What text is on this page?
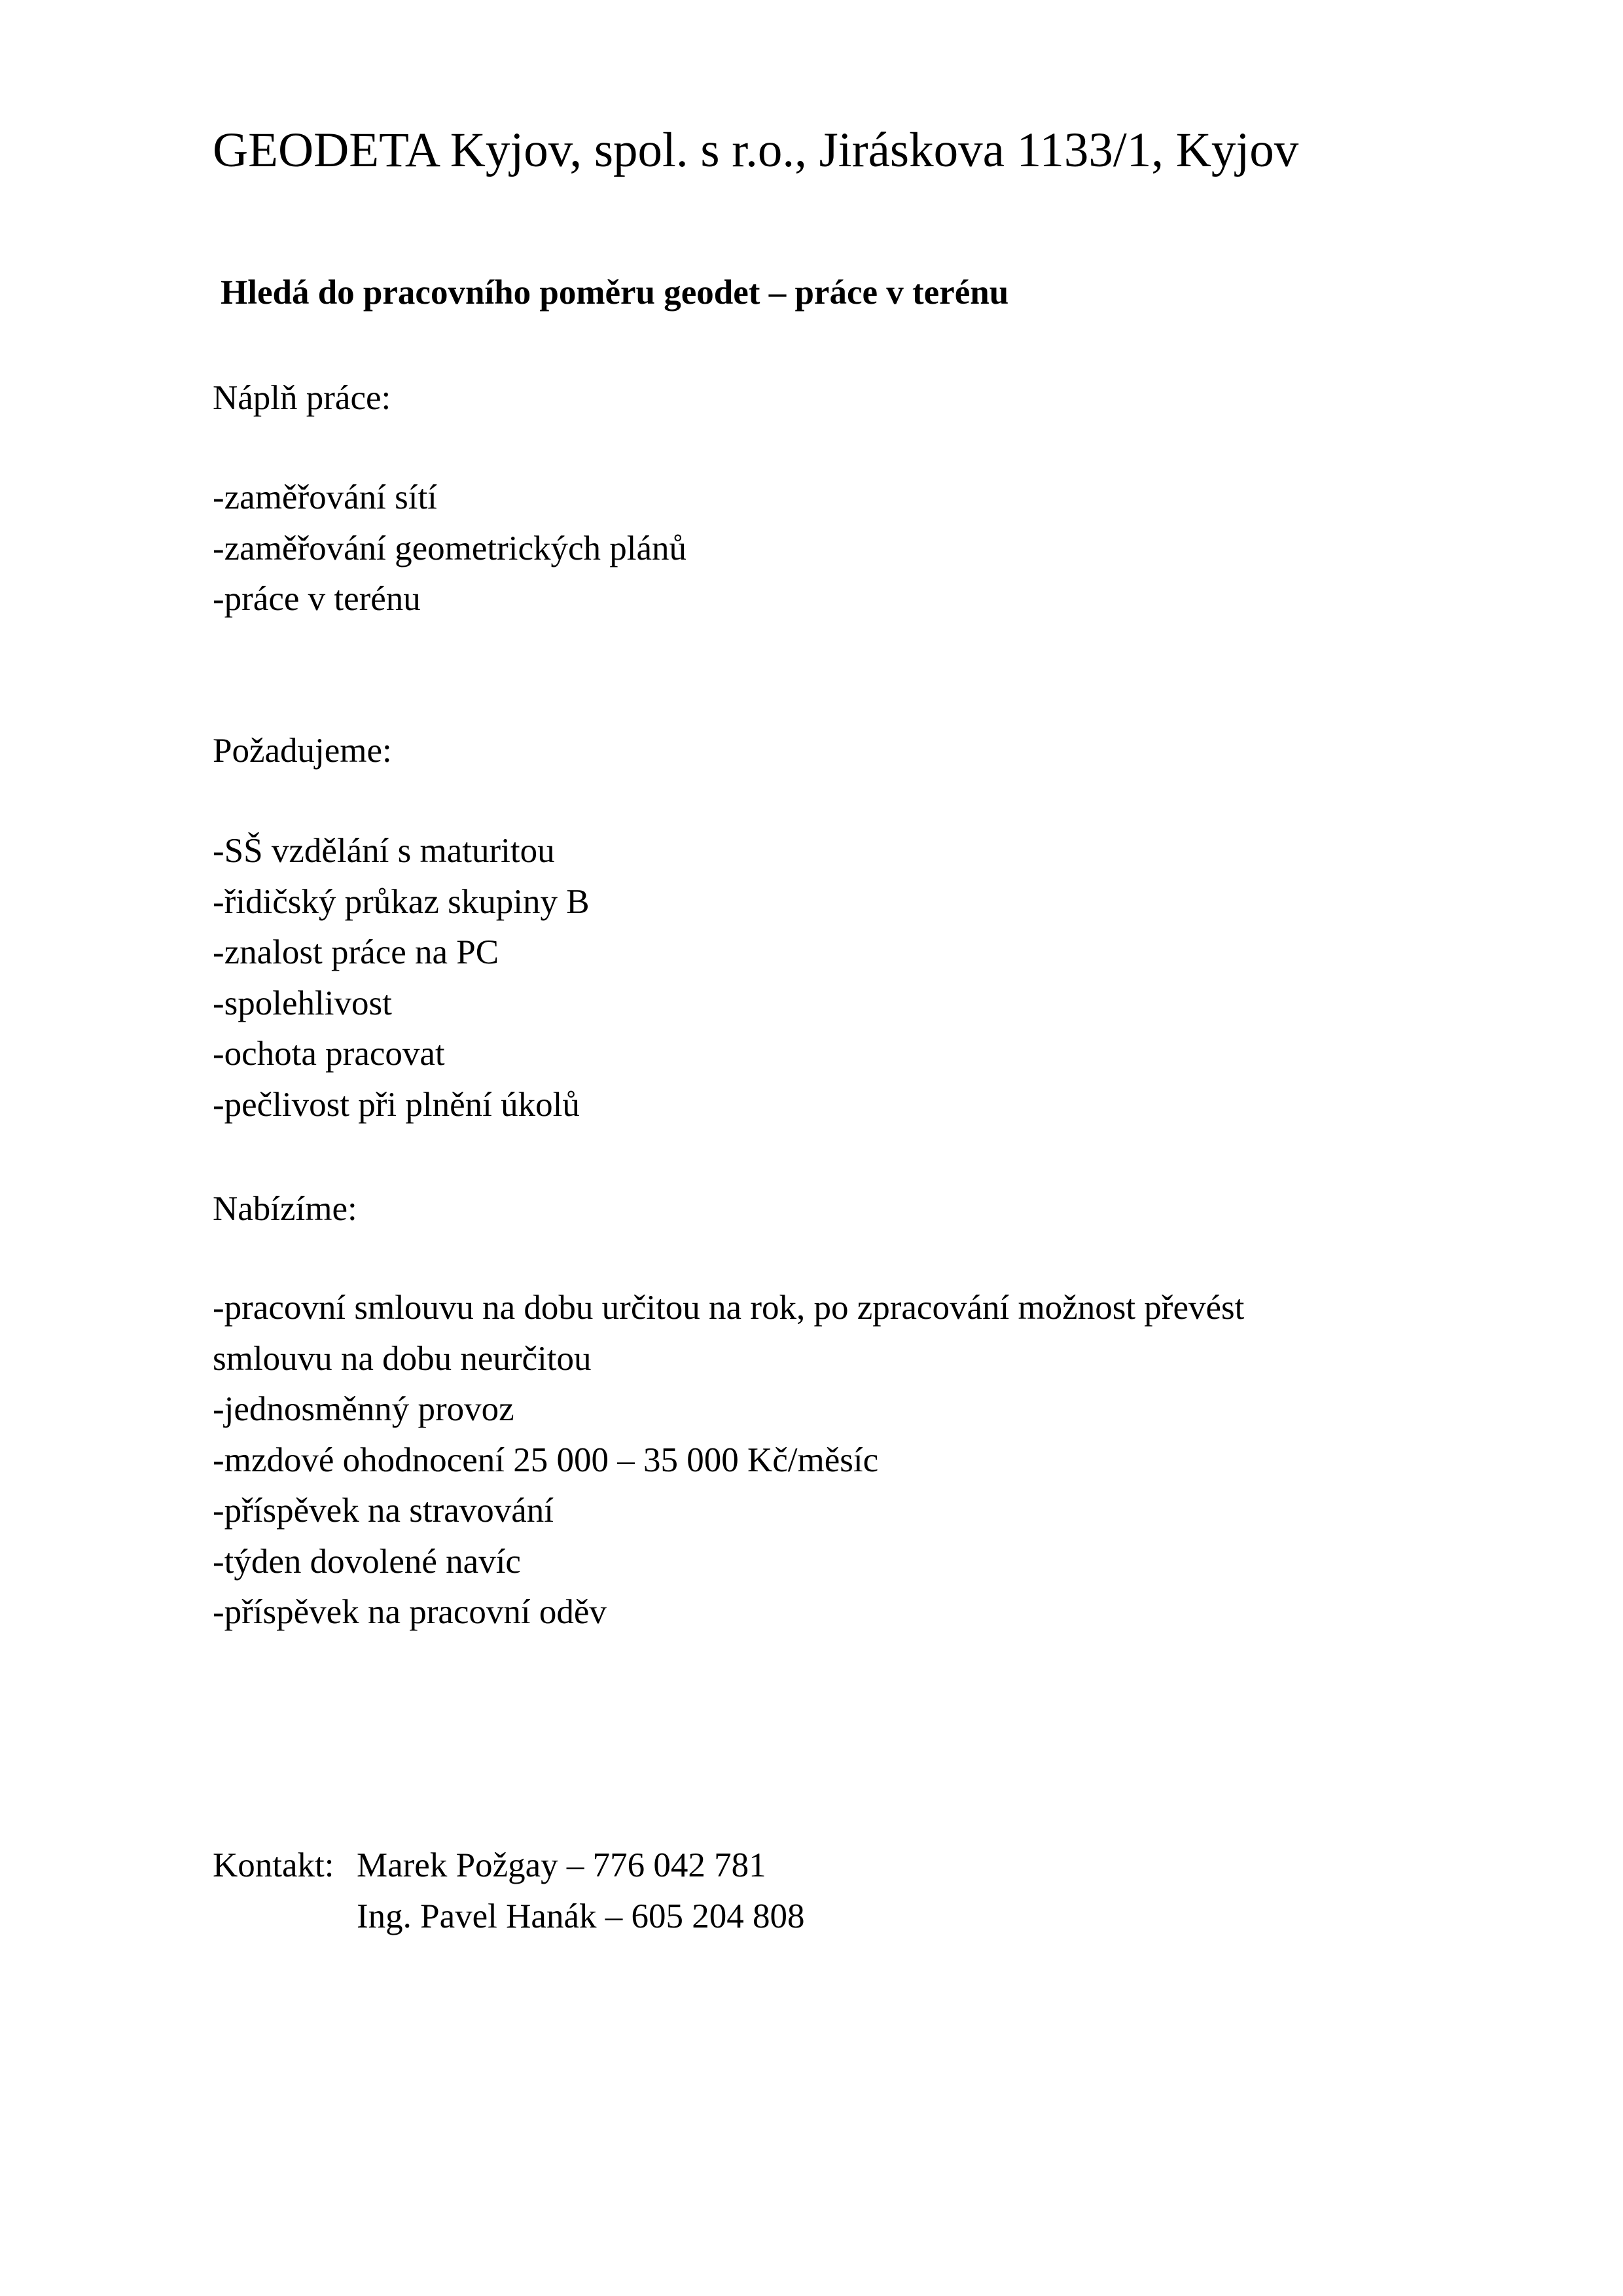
GEODETA Kyjov, spol. s r.o., Jiráskova 1133/1, Kyjov
Hledá do pracovního poměru geodet – práce v terénu
Náplň práce:
-zaměřování sítí
-zaměřování geometrických plánů
-práce v terénu
Požadujeme:
-SŠ vzdělání s maturitou
-řidičský průkaz skupiny B
-znalost práce na PC
-spolehlivost
-ochota pracovat
-pečlivost při plnění úkolů
Nabízíme:
-pracovní smlouvu na dobu určitou na rok, po zpracování možnost převést
smlouvu na dobu neurčitou
-jednosměnný provoz
-mzdové ohodnocení 25 000 – 35 000 Kč/měsíc
-příspěvek na stravování
-týden dovolené navíc
-příspěvek na pracovní oděv
Kontakt: Marek Požgay – 776 042 781
Ing. Pavel Hanák – 605 204 808
